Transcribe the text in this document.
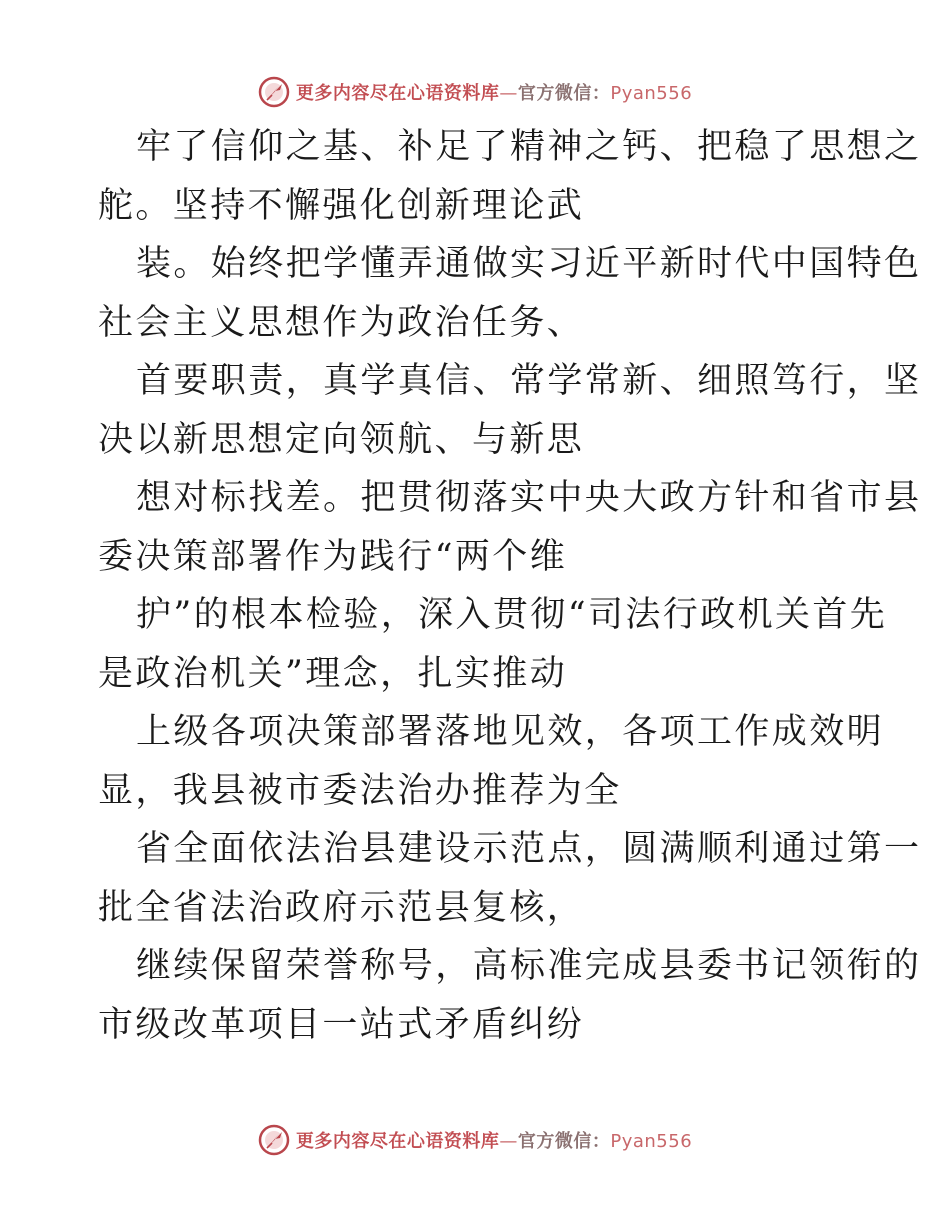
更多内容尽在心语资料库—官方微信：Pyan556
牢了信仰之基、补足了精神之钙、把稳了思想之
舵。坚持不懈强化创新理论武
装。始终把学懂弄通做实习近平新时代中国特色
社会主义思想作为政治任务、
首要职责，真学真信、常学常新、细照笃行，坚
决以新思想定向领航、与新思
想对标找差。把贯彻落实中央大政方针和省市县
委决策部署作为践行“两个维
护”的根本检验，深入贯彻“司法行政机关首先
是政治机关”理念，扎实推动
上级各项决策部署落地见效，各项工作成效明
显，我县被市委法治办推荐为全
省全面依法治县建设示范点，圆满顺利通过第一
批全省法治政府示范县复核，
继续保留荣誉称号，高标准完成县委书记领衔的
市级改革项目一站式矛盾纠纷
更多内容尽在心语资料库—官方微信：Pyan556
